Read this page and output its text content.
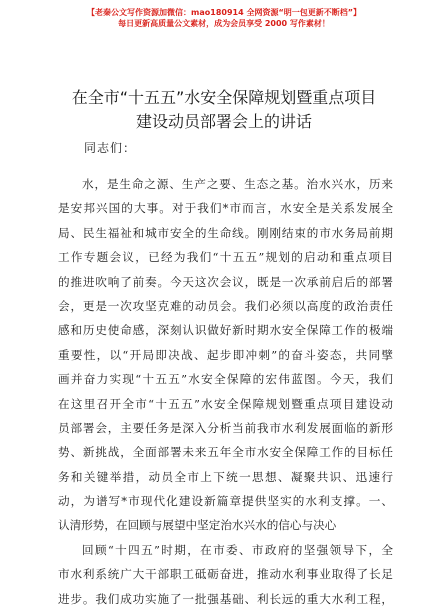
【老秦公文写作资源加微信：mao180914 全网资源“明一包更新不断档”】
每日更新高质量公文素材，成为会员享受 2000 写作素材！
在全市“十五五”水安全保障规划暨重点项目
建设动员部署会上的讲话
同志们：
水，是生命之源、生产之要、生态之基。治水兴水，历来
是安邦兴国的大事。对于我们*市而言，水安全是关系发展全
局、民生福祉和城市安全的生命线。刚刚结束的市水务局前期
工作专题会议，已经为我们“十五五”规划的启动和重点项目
的推进吹响了前奏。今天这次会议，既是一次承前启后的部署
会，更是一次攻坚克难的动员会。我们必须以高度的政治责任
感和历史使命感，深刻认识做好新时期水安全保障工作的极端
重要性，以“开局即决战、起步即冲刺”的奋斗姿态，共同擘
画并奋力实现“十五五”水安全保障的宏伟蓝图。今天，我们
在这里召开全市“十五五”水安全保障规划暨重点项目建设动
员部署会，主要任务是深入分析当前我市水利发展面临的新形
势、新挑战，全面部署未来五年全市水安全保障工作的目标任
务和关键举措，动员全市上下统一思想、凝聚共识、迅速行
动，为谱写*市现代化建设新篇章提供坚实的水利支撑。一、
认清形势，在回顾与展望中坚定治水兴水的信心与决心
回顾“十四五”时期，在市委、市政府的坚强领导下，全
市水利系统广大干部职工砥砺奋进，推动水利事业取得了长足
进步。我们成功实施了一批强基础、利长远的重大水利工程，
